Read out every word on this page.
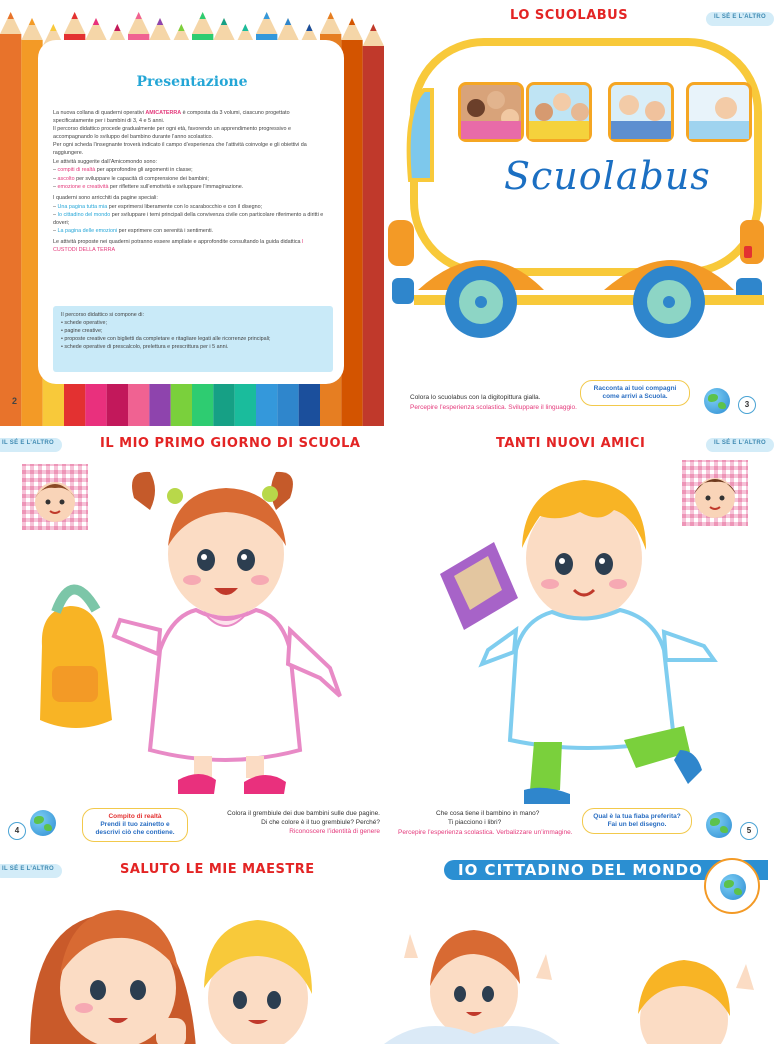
Presentazione

La nuova collana di quaderni operativi AMICATERRA è composta da 3 volumi, ciascuno progettato specificatamente per i bambini di 3, 4 e 5 anni.

Il percorso didattico procede gradualmente per ogni età, favorendo un apprendimento progressivo e accompagnando lo sviluppo del bambino durante l’anno scolastico.

Per ogni scheda l’insegnante troverà indicato il campo d’esperienza che l’attività coinvolge e gli obiettivi da raggiungere.

Le attività suggerite dall’Amicomondo sono:

– compiti di realtà per approfondire gli argomenti in classe;

– ascolto per sviluppare le capacità di comprensione dei bambini;

– emozione e creatività per riflettere sull’emotività e sviluppare l’immaginazione.

I quaderni sono arricchiti da pagine speciali:

– Una pagina tutta mia per esprimersi liberamente con lo scarabocchio e con il disegno;

– Io cittadino del mondo per sviluppare i temi principali della convivenza civile con particolare riferimento a diritti e doveri;

– La pagina delle emozioni per esprimere con serenità i sentimenti.

Le attività proposte nei quaderni potranno essere ampliate e approfondite consultando la guida didattica I CUSTODI DELLA TERRA

Il percorso didattico si compone di:
• schede operative;
• pagine creative;
• proposte creative con biglietti da completare e ritagliare legati alle ricorrenze principali;
• schede operative di prescalcolo, prelettura e prescrittura per i 5 anni.
2
LO SCUOLABUS	IL SÉ E L’ALTRO
Scuolabus
Colora lo scuolabus con la digitopittura gialla.
Percepire l’esperienza scolastica. Sviluppare il linguaggio.
Racconta ai tuoi compagni come arrivi a Scuola.
3
IL SÉ E L’ALTRO	IL MIO PRIMO GIORNO DI SCUOLA
4
Compito di realtà
Prendi il tuo zainetto e descrivi ciò che contiene.
Colora il grembiule dei due bambini sulle due pagine.
Di che colore è il tuo grembiule? Perché?
Riconoscere l’identità di genere
TANTI NUOVI AMICI	IL SÉ E L’ALTRO
Che cosa tiene il bambino in mano?
Ti piacciono i libri?
Percepire l’esperienza scolastica. Verbalizzare un’immagine.
Qual è la tua fiaba preferita? Fai un bel disegno.
5
IL SÉ E L’ALTRO	SALUTO LE MIE MAESTRE	IO CITTADINO DEL MONDO
